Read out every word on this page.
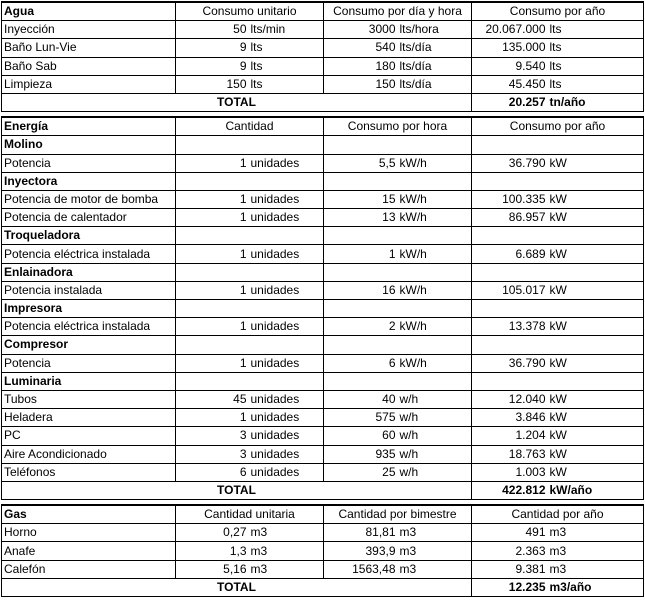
Agua	Consumo unitario		Consumo por día y hora		Consumo por año	
Inyección	50	lts/min	3000	lts/hora	20.067.000	lts
Baño Lun-Vie	9	lts	540	lts/día	135.000	lts
Baño Sab	9	lts	180	lts/día	9.540	lts
Limpieza	150	lts	150	lts/día	45.450	lts
TOTAL					20.257	tn/año

Energía	Cantidad		Consumo por hora		Consumo por año	
Molino						
Potencia	1	unidades	5,5	kW/h	36.790	kW
Inyectora						
Potencia de motor de bomba	1	unidades	15	kW/h	100.335	kW
Potencia de calentador	1	unidades	13	kW/h	86.957	kW
Troqueladora						
Potencia eléctrica instalada	1	unidades	1	kW/h	6.689	kW
Enlainadora						
Potencia instalada	1	unidades	16	kW/h	105.017	kW
Impresora						
Potencia eléctrica instalada	1	unidades	2	kW/h	13.378	kW
Compresor						
Potencia	1	unidades	6	kW/h	36.790	kW
Luminaria						
Tubos	45	unidades	40	w/h	12.040	kW
Heladera	1	unidades	575	w/h	3.846	kW
PC	3	unidades	60	w/h	1.204	kW
Aire Acondicionado	3	unidades	935	w/h	18.763	kW
Teléfonos	6	unidades	25	w/h	1.003	kW
TOTAL					422.812	kW/año

Gas	Cantidad unitaria		Cantidad por bimestre		Cantidad por año	
Horno	0,27	m3	81,81	m3	491	m3
Anafe	1,3	m3	393,9	m3	2.363	m3
Calefón	5,16	m3	1563,48	m3	9.381	m3
TOTAL					12.235	m3/año
